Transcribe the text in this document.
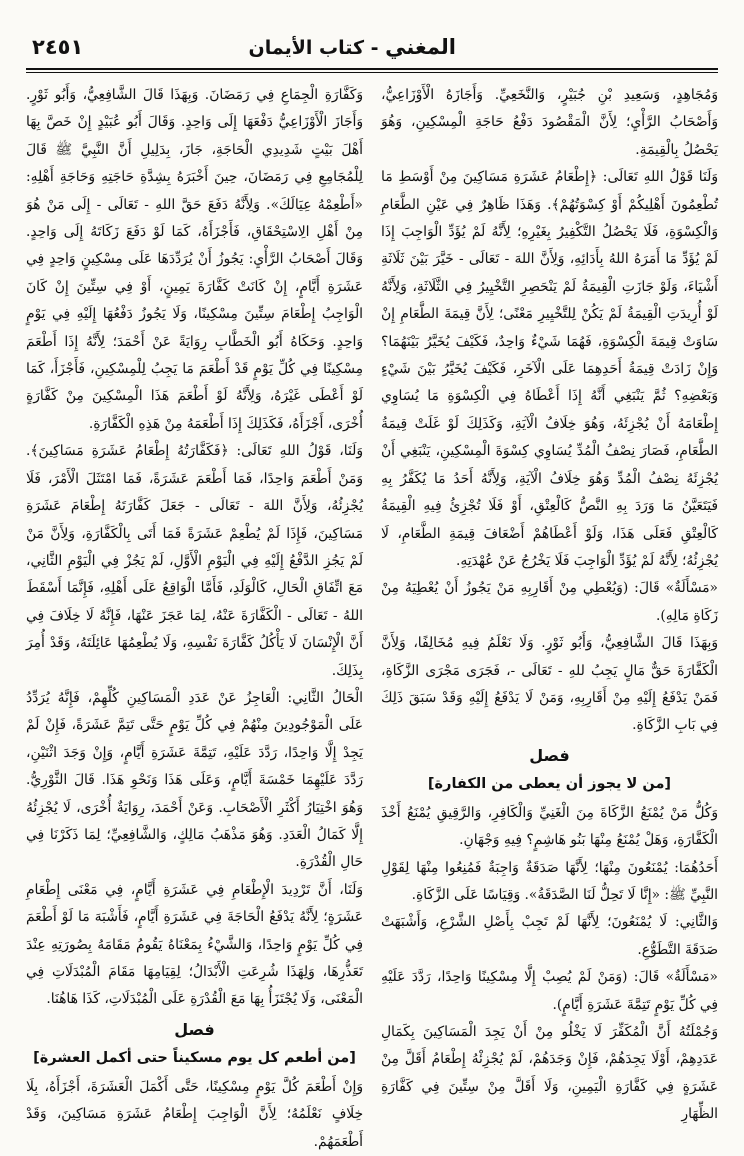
المغني - كتاب الأيمان
٢٤٥١

وَمُجَاهِدٍ، وَسَعِيدِ بْنِ جُبَيْرٍ، وَالنَّخَعِيِّ. وَأَجَازَهُ الْأَوْزَاعِيُّ، وَأَصْحَابُ الرَّأْيِ؛ لِأَنَّ الْمَقْصُودَ دَفْعُ حَاجَةِ الْمِسْكِينِ، وَهُوَ يَحْصُلُ بِالْقِيمَةِ.

وَلَنَا قَوْلُ اللهِ تَعَالَى: ﴿إِطْعَامُ عَشَرَةِ مَسَاكِينَ مِنْ أَوْسَطِ مَا تُطْعِمُونَ أَهْلِيكُمْ أَوْ كِسْوَتُهُمْ﴾. وَهَذَا ظَاهِرٌ فِي عَيْنِ الطَّعَامِ وَالْكِسْوَةِ، فَلَا يَحْصُلُ التَّكْفِيرُ بِغَيْرِهِ؛ لِأَنَّهُ لَمْ يُؤَدِّ الْوَاجِبَ إِذَا لَمْ يُؤَدِّ مَا أَمَرَهُ اللهُ بِأَدَائِهِ، وَلِأَنَّ اللهَ - تَعَالَى - خَيَّرَ بَيْنَ ثَلَاثَةِ أَشْيَاءَ، وَلَوْ جَازَتِ الْقِيمَةُ لَمْ يَنْحَصِرِ التَّخْيِيرُ فِي الثَّلَاثَةِ، وَلِأَنَّهُ لَوْ أُرِيدَتِ الْقِيمَةُ لَمْ يَكُنْ لِلتَّخْيِيرِ مَعْنًى؛ لِأَنَّ قِيمَةَ الطَّعَامِ إِنْ سَاوَتْ قِيمَةَ الْكِسْوَةِ، فَهُمَا شَيْءٌ وَاحِدٌ، فَكَيْفَ يُخَيَّرُ بَيْنَهُمَا؟ وَإِنْ زَادَتْ قِيمَةُ أَحَدِهِمَا عَلَى الْآخَرِ، فَكَيْفَ يُخَيَّرُ بَيْنَ شَيْءٍ وَبَعْضِهِ؟ ثُمَّ يَنْبَغِي أَنَّهُ إِذَا أَعْطَاهُ فِي الْكِسْوَةِ مَا يُسَاوِي إِطْعَامَهُ أَنْ يُجْزِئَهُ، وَهُوَ خِلَافُ الْآيَةِ، وَكَذَلِكَ لَوْ غَلَتْ قِيمَةُ الطَّعَامِ، فَصَارَ نِصْفُ الْمُدِّ يُسَاوِي كِسْوَةَ الْمِسْكِينِ، يَنْبَغِي أَنْ يُجْزِئَهُ نِصْفُ الْمُدِّ وَهُوَ خِلَافُ الْآيَةِ، وَلِأَنَّهُ أَحَدُ مَا يُكَفَّرُ بِهِ فَيَتَعَيَّنُ مَا وَرَدَ بِهِ النَّصُّ كَالْعِتْقِ، أَوْ فَلَا تُجْزِئُ فِيهِ الْقِيمَةُ كَالْعِتْقِ فَعَلَى هَذَا، وَلَوْ أَعْطَاهُمْ أَضْعَافَ قِيمَةِ الطَّعَامِ، لَا يُجْزِئُهُ؛ لِأَنَّهُ لَمْ يُؤَدِّ الْوَاجِبَ فَلَا يَخْرُجُ عَنْ عُهْدَتِهِ.

«مَسْأَلَةٌ» قَالَ: (وَيُعْطِي مِنْ أَقَارِبِهِ مَنْ يَجُوزُ أَنْ يُعْطِيَهُ مِنْ زَكَاةِ مَالِهِ).

وَبِهَذَا قَالَ الشَّافِعِيُّ، وَأَبُو ثَوْرٍ. وَلَا نَعْلَمُ فِيهِ مُخَالِفًا، وَلِأَنَّ الْكَفَّارَةَ حَقٌّ مَالٍ يَجِبُ للهِ - تَعَالَى -، فَجَرَى مَجْرَى الزَّكَاةِ، فَمَنْ يَدْفَعُ إِلَيْهِ مِنْ أَقَارِبِهِ، وَمَنْ لَا يَدْفَعُ إِلَيْهِ وَقَدْ سَبَقَ ذَلِكَ فِي بَابِ الزَّكَاةِ.

فصل
[من لا يجوز أن يعطى من الكفارة]

وَكُلُّ مَنْ يُمْنَعُ الزَّكَاةَ مِنَ الْغَنِيِّ وَالْكَافِرِ، وَالرَّقِيقِ يُمْنَعُ أَخْذَ الْكَفَّارَةِ، وَهَلْ يُمْنَعُ مِنْهَا بَنُو هَاشِمٍ؟ فِيهِ وَجْهَانِ.

أَحَدُهُمَا: يُمْنَعُونَ مِنْهَا؛ لِأَنَّهَا صَدَقَةٌ وَاجِبَةٌ فَمُنِعُوا مِنْهَا لِقَوْلِ النَّبِيِّ ﷺ: «إِنَّا لَا تَحِلُّ لَنَا الصَّدَقَةُ». وَقِيَاسًا عَلَى الزَّكَاةِ.

وَالثَّانِي: لَا يُمْنَعُونَ؛ لِأَنَّهَا لَمْ تَجِبْ بِأَصْلِ الشَّرْعِ، وَأَشْبَهَتْ صَدَقَةَ التَّطَوُّعِ.

«مَسْأَلَةٌ» قَالَ: (وَمَنْ لَمْ يُصِبْ إِلَّا مِسْكِينًا وَاحِدًا، رَدَّدَ عَلَيْهِ فِي كُلِّ يَوْمٍ تَتِمَّةَ عَشَرَةِ أَيَّامٍ).

وَجُمْلَتُهُ أَنَّ الْمُكَفِّرَ لَا يَخْلُو مِنْ أَنْ يَجِدَ الْمَسَاكِينَ بِكَمَالِ عَدَدِهِمْ، أَوْلَا يَجِدَهُمْ، فَإِنْ وَجَدَهُمْ، لَمْ يُجْزِئْهُ إِطْعَامُ أَقَلَّ مِنْ عَشَرَةٍ فِي كَفَّارَةِ الْيَمِينِ، وَلَا أَقَلَّ مِنْ سِتِّينَ فِي كَفَّارَةِ الظِّهَارِ

وَكَفَّارَةِ الْجِمَاعِ فِي رَمَضَانَ. وَبِهَذَا قَالَ الشَّافِعِيُّ، وَأَبُو ثَوْرٍ. وَأَجَازَ الْأَوْزَاعِيُّ دَفْعَهَا إِلَى وَاحِدٍ. وَقَالَ أَبُو عُبَيْدٍ إِنْ خَصَّ بِهَا أَهْلَ بَيْتٍ شَدِيدِي الْحَاجَةِ، جَازَ، بِدَلِيلِ أَنَّ النَّبِيَّ ﷺ قَالَ لِلْمُجَامِعِ فِي رَمَضَانَ، حِينَ أَخْبَرَهُ بِشِدَّةِ حَاجَتِهِ وَحَاجَةِ أَهْلِهِ: «أَطْعِمْهُ عِيَالَكَ». وَلِأَنَّهُ دَفَعَ حَقَّ اللهِ - تَعَالَى - إِلَى مَنْ هُوَ مِنْ أَهْلِ الِاسْتِحْقَاقِ، فَأَجْزَأَهُ، كَمَا لَوْ دَفَعَ زَكَاتَهُ إِلَى وَاحِدٍ. وَقَالَ أَصْحَابُ الرَّأْيِ: يَجُوزُ أَنْ يُرَدِّدَهَا عَلَى مِسْكِينٍ وَاحِدٍ فِي عَشَرَةِ أَيَّامٍ، إِنْ كَانَتْ كَفَّارَةَ يَمِينٍ، أَوْ فِي سِتِّينَ إِنْ كَانَ الْوَاجِبُ إِطْعَامَ سِتِّينَ مِسْكِينًا، وَلَا يَجُوزُ دَفْعُهَا إِلَيْهِ فِي يَوْمٍ وَاحِدٍ. وَحَكَاهُ أَبُو الْخَطَّابِ رِوَايَةً عَنْ أَحْمَدَ؛ لِأَنَّهُ إِذَا أَطْعَمَ مِسْكِينًا فِي كُلِّ يَوْمٍ قَدْ أَطْعَمَ مَا يَجِبُ لِلْمِسْكِينِ، فَأَجْزَأَ، كَمَا لَوْ أَعْطَى غَيْرَهُ، وَلِأَنَّهُ لَوْ أَطْعَمَ هَذَا الْمِسْكِينَ مِنْ كَفَّارَةٍ أُخْرَى، أَجْزَأَهُ، فَكَذَلِكَ إِذَا أَطْعَمَهُ مِنْ هَذِهِ الْكَفَّارَةِ.

وَلَنَا، قَوْلُ اللهِ تَعَالَى: ﴿فَكَفَّارَتُهُ إِطْعَامُ عَشَرَةِ مَسَاكِينَ﴾. وَمَنْ أَطْعَمَ وَاحِدًا، فَمَا أَطْعَمَ عَشَرَةً، فَمَا امْتَثَلَ الْأَمْرَ، فَلَا يُجْزِئُهُ، وَلِأَنَّ اللهَ - تَعَالَى - جَعَلَ كَفَّارَتَهُ إِطْعَامَ عَشَرَةِ مَسَاكِينَ، فَإِذَا لَمْ يُطْعِمْ عَشَرَةً فَمَا أَتَى بِالْكَفَّارَةِ، وَلِأَنَّ مَنْ لَمْ يَجُزِ الدَّفْعُ إِلَيْهِ فِي الْيَوْمِ الْأَوَّلِ، لَمْ يَجُزْ فِي الْيَوْمِ الثَّانِي، مَعَ اتِّفَاقِ الْحَالِ، كَالْوَلَدِ، فَأَمَّا الْوَاقِعُ عَلَى أَهْلِهِ، فَإِنَّمَا أَسْقَطَ اللهُ - تَعَالَى - الْكَفَّارَةَ عَنْهُ، لِمَا عَجَزَ عَنْهَا، فَإِنَّهُ لَا خِلَافَ فِي أَنَّ الْإِنْسَانَ لَا يَأْكُلُ كَفَّارَةَ نَفْسِهِ، وَلَا يُطْعِمُهَا عَائِلَتَهُ، وَقَدْ أُمِرَ بِذَلِكَ.

الْحَالُ الثَّانِي: الْعَاجِزُ عَنْ عَدَدِ الْمَسَاكِينِ كُلِّهِمْ، فَإِنَّهُ يُرَدِّدُ عَلَى الْمَوْجُودِينَ مِنْهُمْ فِي كُلِّ يَوْمٍ حَتَّى تَتِمَّ عَشَرَةً، فَإِنْ لَمْ يَجِدْ إِلَّا وَاحِدًا، رَدَّدَ عَلَيْهِ، تَتِمَّةَ عَشَرَةِ أَيَّامٍ، وَإِنْ وَجَدَ اثْنَيْنِ، رَدَّدَ عَلَيْهِمَا خَمْسَةَ أَيَّامٍ، وَعَلَى هَذَا وَنَحْوِ هَذَا. قَالَ الثَّوْرِيُّ. وَهُوَ اخْتِيَارُ أَكْثَرِ الْأَصْحَابِ. وَعَنْ أَحْمَدَ، رِوَايَةٌ أُخْرَى، لَا يُجْزِئُهُ إِلَّا كَمَالُ الْعَدَدِ. وَهُوَ مَذْهَبُ مَالِكٍ، وَالشَّافِعِيِّ؛ لِمَا ذَكَرْنَا فِي حَالِ الْقُدْرَةِ.

وَلَنَا، أَنَّ تَرْدِيدَ الْإِطْعَامِ فِي عَشَرَةِ أَيَّامٍ، فِي مَعْنَى إِطْعَامِ عَشَرَةٍ؛ لِأَنَّهُ يَدْفَعُ الْحَاجَةَ فِي عَشَرَةِ أَيَّامٍ، فَأَشْبَهَ مَا لَوْ أَطْعَمَ فِي كُلِّ يَوْمٍ وَاحِدًا، وَالشَّيْءُ بِمَعْنَاهُ يَقُومُ مَقَامَهُ بِصُورَتِهِ عِنْدَ تَعَذُّرِهَا، وَلِهَذَا شُرِعَتِ الْأَبْدَالُ؛ لِقِيَامِهَا مَقَامَ الْمُبْدَلَاتِ فِي الْمَعْنَى، وَلَا يُجْتَزَأُ بِهَا مَعَ الْقُدْرَةِ عَلَى الْمُبْدَلَاتِ، كَذَا هَاهُنَا.

فصل
[من أطعم كل يوم مسكيناً حتى أكمل العشرة]

وَإِنْ أَطْعَمَ كُلَّ يَوْمٍ مِسْكِينًا، حَتَّى أَكْمَلَ الْعَشَرَةَ، أَجْزَأَهُ، بِلَا خِلَافٍ نَعْلَمُهُ؛ لِأَنَّ الْوَاجِبَ إِطْعَامُ عَشَرَةِ مَسَاكِينَ، وَقَدْ أَطْعَمَهُمْ.
